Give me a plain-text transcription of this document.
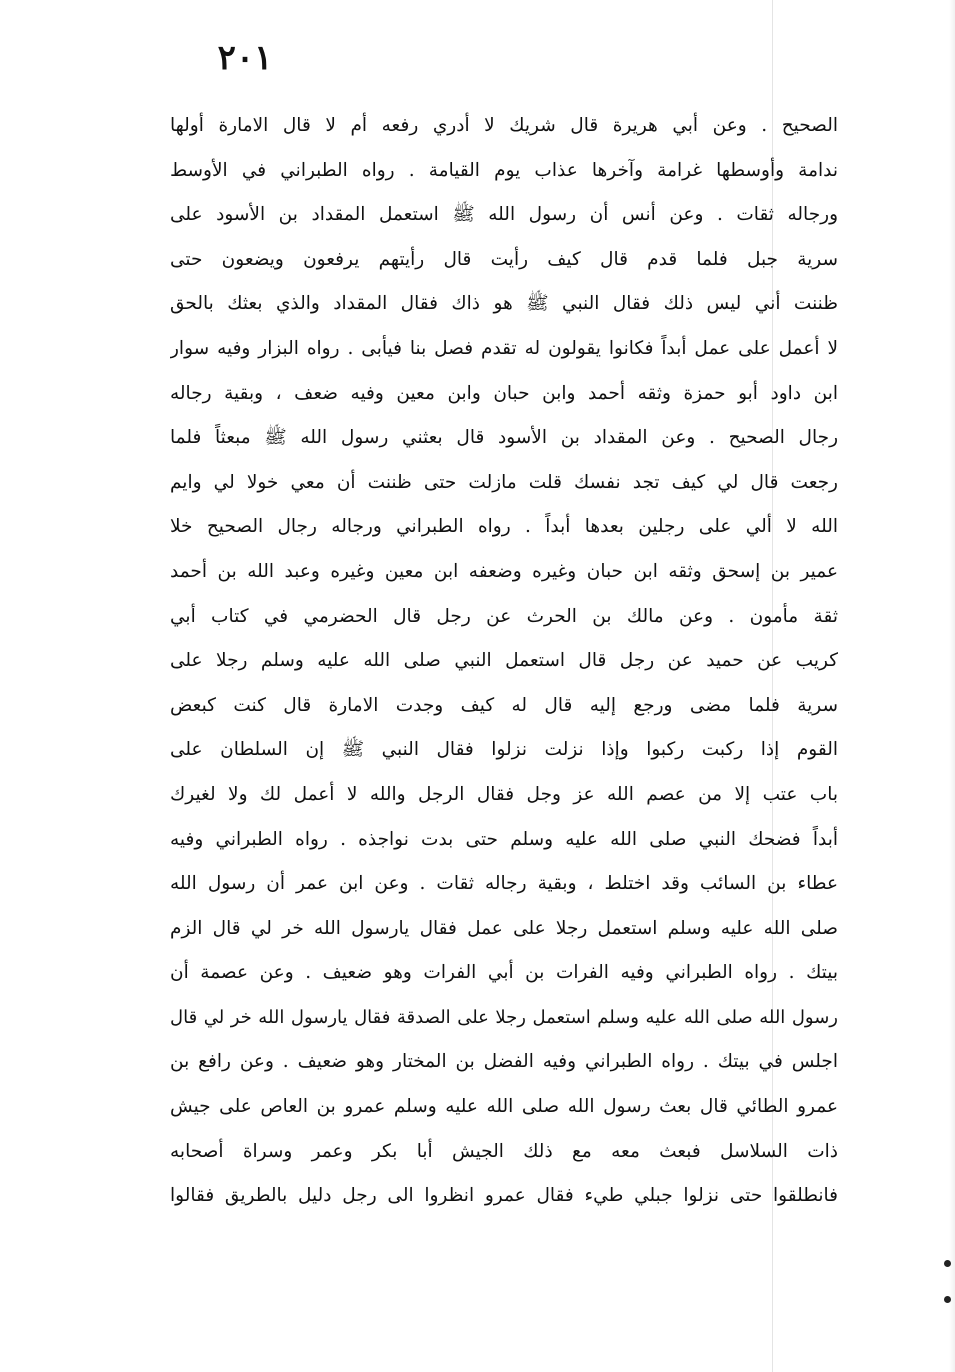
٢٠١
الصحيح . وعن أبي هريرة قال شريك لا أدري رفعه أم لا قال الامارة أولها
ندامة وأوسطها غرامة وآخرها عذاب يوم القيامة . رواه الطبراني في الأوسط
ورجاله ثقات . وعن أنس أن رسول الله ﷺ استعمل المقداد بن الأسود على
سرية جبل فلما قدم قال كيف رأيت قال رأيتهم يرفعون ويضعون حتى
ظننت أني ليس ذلك فقال النبي ﷺ هو ذاك فقال المقداد والذي بعثك بالحق
لا أعمل على عمل أبداً فكانوا يقولون له تقدم فصل بنا فيأبى . رواه البزار وفيه سوار
ابن داود أبو حمزة وثقه أحمد وابن حبان وابن معين وفيه ضعف ، وبقية رجاله
رجال الصحيح . وعن المقداد بن الأسود قال بعثني رسول الله ﷺ مبعثاً فلما
رجعت قال لي كيف تجد نفسك قلت مازلت حتى ظننت أن معي خولا لي وايم
الله لا ألي على رجلين بعدها أبداً . رواه الطبراني ورجاله رجال الصحيح خلا
عمير بن إسحق وثقه ابن حبان وغيره وضعفه ابن معين وغيره وعبد الله بن أحمد
ثقة مأمون . وعن مالك بن الحرث عن رجل قال الحضرمي في كتاب أبي
كريب عن حميد عن رجل قال استعمل النبي صلى الله عليه وسلم رجلا على
سرية فلما مضى ورجع إليه قال له كيف وجدت الامارة قال كنت كبعض
القوم إذا ركبت ركبوا وإذا نزلت نزلوا فقال النبي ﷺ إن السلطان على
باب عتب إلا من عصم الله عز وجل فقال الرجل والله لا أعمل لك ولا لغيرك
أبداً فضحك النبي صلى الله عليه وسلم حتى بدت نواجذه . رواه الطبراني وفيه
عطاء بن السائب وقد اختلط ، وبقية رجاله ثقات . وعن ابن عمر أن رسول الله
صلى الله عليه وسلم استعمل رجلا على عمل فقال يارسول الله خر لي قال الزم
بيتك . رواه الطبراني وفيه الفرات بن أبي الفرات وهو ضعيف . وعن عصمة أن
رسول الله صلى الله عليه وسلم استعمل رجلا على الصدقة فقال يارسول الله خر لي قال
اجلس في بيتك . رواه الطبراني وفيه الفضل بن المختار وهو ضعيف . وعن رافع بن
عمرو الطائي قال بعث رسول الله صلى الله عليه وسلم عمرو بن العاص على جيش
ذات السلاسل فبعث معه مع ذلك الجيش أبا بكر وعمر وسراة أصحابه
فانطلقوا حتى نزلوا جبلي طيء فقال عمرو انظروا الى رجل دليل بالطريق فقالوا
